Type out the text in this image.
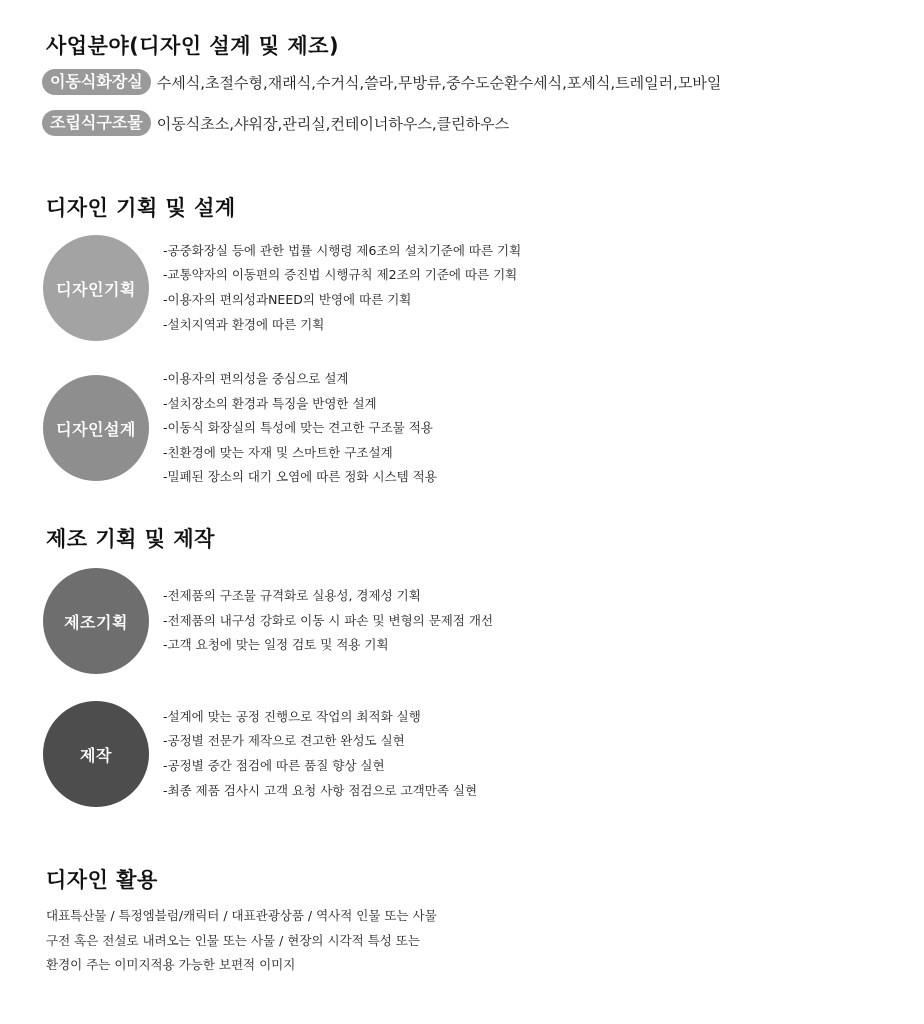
사업분야(디자인 설계 및 제조)
이동식화장실 수세식,초절수형,재래식,수거식,쓸라,무방류,중수도순환수세식,포세식,트레일러,모바일
조립식구조물 이동식초소,샤워장,관리실,컨테이너하우스,클린하우스
디자인 기획 및 설계
디자인기획
-공중화장실 등에 관한 법률 시행령 제6조의 설치기준에 따른 기획
-교통약자의 이동편의 증진법 시행규칙 제2조의 기준에 따른 기획
-이용자의 편의성과NEED의 반영에 따른 기획
-설치지역과 환경에 따른 기획
디자인설계
-이용자의 편의성을 중심으로 설계
-설치장소의 환경과 특징을 반영한 설계
-이동식 화장실의 특성에 맞는 견고한 구조물 적용
-친환경에 맞는 자재 및 스마트한 구조설계
-밀폐된 장소의 대기 오염에 따른 정화 시스템 적용
제조 기획 및 제작
제조기획
-전제품의 구조물 규격화로 실용성, 경제성 기획
-전제품의 내구성 강화로 이동 시 파손 및 변형의 문제점 개선
-고객 요청에 맞는 일정 검토 및 적용 기획
제작
-설계에 맞는 공정 진행으로 작업의 최적화 실행
-공정별 전문가 제작으로 견고한 완성도 실현
-공정별 중간 점검에 따른 품질 향상 실현
-최종 제품 검사시 고객 요청 사항 점검으로 고객만족 실현
디자인 활용
대표특산물 / 특정엠블럼/캐릭터 / 대표관광상품 / 역사적 인물 또는 사물
구전 혹은 전설로 내려오는 인물 또는 사물 / 현장의 시각적 특성 또는
환경이 주는 이미지적용 가능한 보편적 이미지
